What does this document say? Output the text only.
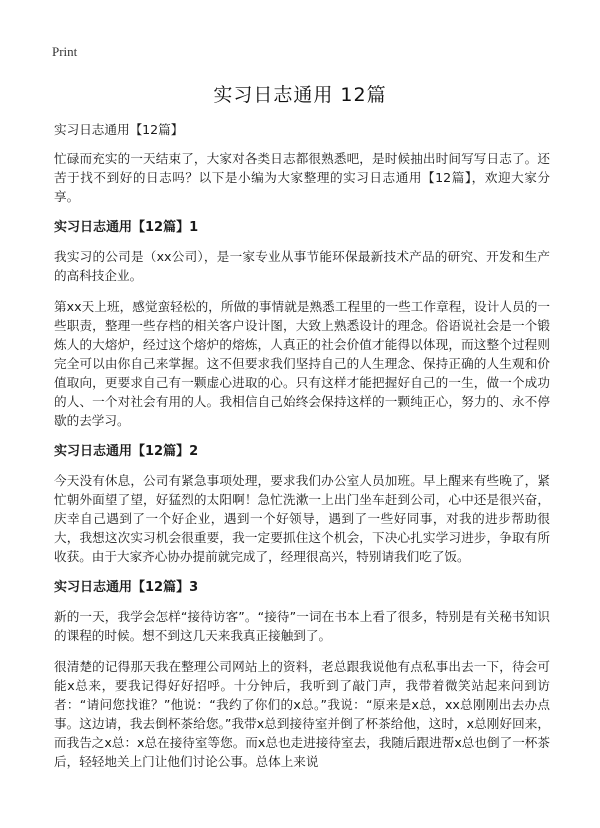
Print
实习日志通用 12篇

实习日志通用【12篇】

忙碌而充实的一天结束了，大家对各类日志都很熟悉吧，是时候抽出时间写写日志了。还苦于找不到好的日志吗？以下是小编为大家整理的实习日志通用【12篇】，欢迎大家分享。

实习日志通用【12篇】1

我实习的公司是（xx公司），是一家专业从事节能环保最新技术产品的研究、开发和生产的高科技企业。

第xx天上班，感觉蛮轻松的，所做的事情就是熟悉工程里的一些工作章程，设计人员的一些职责，整理一些存档的相关客户设计图，大致上熟悉设计的理念。俗语说社会是一个锻炼人的大熔炉，经过这个熔炉的熔炼，人真正的社会价值才能得以体现，而这整个过程则完全可以由你自己来掌握。这不但要求我们坚持自己的人生理念、保持正确的人生观和价值取向，更要求自己有一颗虚心进取的心。只有这样才能把握好自己的一生，做一个成功的人、一个对社会有用的人。我相信自己始终会保持这样的一颗纯正心，努力的、永不停歇的去学习。

实习日志通用【12篇】2

今天没有休息，公司有紧急事项处理，要求我们办公室人员加班。早上醒来有些晚了，紧忙朝外面望了望，好猛烈的太阳啊！急忙洗漱一上出门坐车赶到公司，心中还是很兴奋，庆幸自己遇到了一个好企业，遇到一个好领导，遇到了一些好同事，对我的进步帮助很大，我想这次实习机会很重要，我一定要抓住这个机会，下决心扎实学习进步，争取有所收获。由于大家齐心协办提前就完成了，经理很高兴，特别请我们吃了饭。

实习日志通用【12篇】3

新的一天，我学会怎样“接待访客”。“接待”一词在书本上看了很多，特别是有关秘书知识的课程的时候。想不到这几天来我真正接触到了。

很清楚的记得那天我在整理公司网站上的资料，老总跟我说他有点私事出去一下，待会可能x总来，要我记得好好招呼。十分钟后，我听到了敲门声，我带着微笑站起来问到访者：“请问您找谁？”他说：“我约了你们的x总。”我说：“原来是x总，xx总刚刚出去办点事。这边请，我去倒杯茶给您。”我带x总到接待室并倒了杯茶给他，这时，x总刚好回来，而我告之x总：x总在接待室等您。而x总也走进接待室去，我随后跟进帮x总也倒了一杯茶后，轻轻地关上门让他们讨论公事。总体上来说
